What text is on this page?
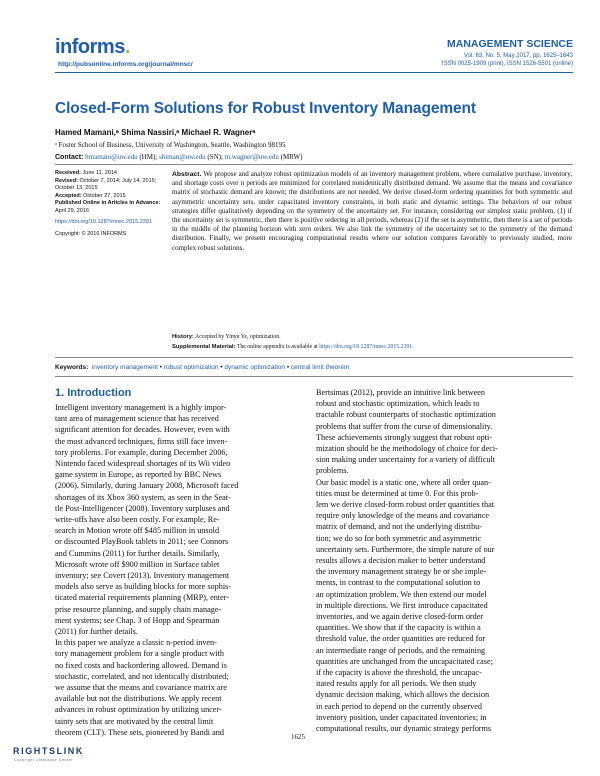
informs.
http://pubsonline.informs.org/journal/mnsc/
MANAGEMENT SCIENCE
Vol. 63, No. 5, May 2017, pp. 1625–1643
ISSN 0025-1909 (print), ISSN 1526-5501 (online)
Closed-Form Solutions for Robust Inventory Management
Hamed Mamani,ᵃ Shima Nassiri,ᵃ Michael R. Wagnerᵃ
ᵃ Foster School of Business, University of Washington, Seattle, Washington 98195
Contact: hmamani@uw.edu (HM); shiman@uw.edu (SN); m.wagner@uw.edu (MRW)
Received: June 11, 2014
Revised: October 7, 2014; July 14, 2015;
October 13, 2015
Accepted: October 27, 2015
Published Online in Articles in Advance:
April 29, 2016
https://doi.org/10.1287/mnsc.2015.2391
Copyright: © 2016 INFORMS
Abstract. We propose and analyze robust optimization models of an inventory management problem, where cumulative purchase, inventory, and shortage costs over n periods are minimized for correlated nonidentically distributed demand. We assume that the means and covariance matrix of stochastic demand are known; the distributions are not needed. We derive closed-form ordering quantities for both symmetric and asymmetric uncertainty sets, under capacitated inventory constraints, in both static and dynamic settings. The behaviors of our robust strategies differ qualitatively depending on the symmetry of the uncertainty set. For instance, considering our simplest static problem, (1) if the uncertainty set is symmetric, then there is positive ordering in all periods, whereas (2) if the set is asymmetric, then there is a set of periods in the middle of the planning horizon with zero orders. We also link the symmetry of the uncertainty set to the symmetry of the demand distribution. Finally, we present encouraging computational results where our solution compares favorably to previously studied, more complex robust solutions.
History: Accepted by Yinyu Ye, optimization.
Supplemental Material: The online appendix is available at https://doi.org/10.1287/mnsc.2015.2391.
Keywords: inventory management • robust optimization • dynamic optimization • central limit theorem
1. Introduction
Intelligent inventory management is a highly impor-
tant area of management science that has received
significant attention for decades. However, even with
the most advanced techniques, firms still face inven-
tory problems. For example, during December 2006,
Nintendo faced widespread shortages of its Wii video
game system in Europe, as reported by BBC News
(2006). Similarly, during January 2008, Microsoft faced
shortages of its Xbox 360 system, as seen in the Seat-
tle Post-Intelligencer (2008). Inventory surpluses and
write-offs have also been costly. For example, Re-
search in Motion wrote off $485 million in unsold
or discounted PlayBook tablets in 2011; see Connors
and Cummins (2011) for further details. Similarly,
Microsoft wrote off $900 million in Surface tablet
inventory; see Covert (2013). Inventory management
models also serve as building blocks for more sophis-
ticated material requirements planning (MRP), enter-
prise resource planning, and supply chain manage-
ment systems; see Chap. 3 of Hopp and Spearman
(2011) for further details.
In this paper we analyze a classic n-period inven-
tory management problem for a single product with
no fixed costs and backordering allowed. Demand is
stochastic, correlated, and not identically distributed;
we assume that the means and covariance matrix are
available but not the distributions. We apply recent
advances in robust optimization by utilizing uncer-
tainty sets that are motivated by the central limit
theorem (CLT). These sets, pioneered by Bandi and
Bertsimas (2012), provide an intuitive link between
robust and stochastic optimization, which leads to
tractable robust counterparts of stochastic optimization
problems that suffer from the curse of dimensionality.
These achievements strongly suggest that robust opti-
mization should be the methodology of choice for deci-
sion making under uncertainty for a variety of difficult
problems.
Our basic model is a static one, where all order quan-
tities must be determined at time 0. For this prob-
lem we derive closed-form robust order quantities that
require only knowledge of the means and covariance
matrix of demand, and not the underlying distribu-
tion; we do so for both symmetric and asymmetric
uncertainty sets. Furthermore, the simple nature of our
results allows a decision maker to better understand
the inventory management strategy he or she imple-
ments, in contrast to the computational solution to
an optimization problem. We then extend our model
in multiple directions. We first introduce capacitated
inventories, and we again derive closed-form order
quantities. We show that if the capacity is within a
threshold value, the order quantities are reduced for
an intermediate range of periods, and the remaining
quantities are unchanged from the uncapacitated case;
if the capacity is above the threshold, the uncapac-
itated results apply for all periods. We then study
dynamic decision making, which allows the decision
in each period to depend on the currently observed
inventory position, under capacitated inventories; in
computational results, our dynamic strategy performs
1625
RIGHTSLINK
Copyright Clearance Center
